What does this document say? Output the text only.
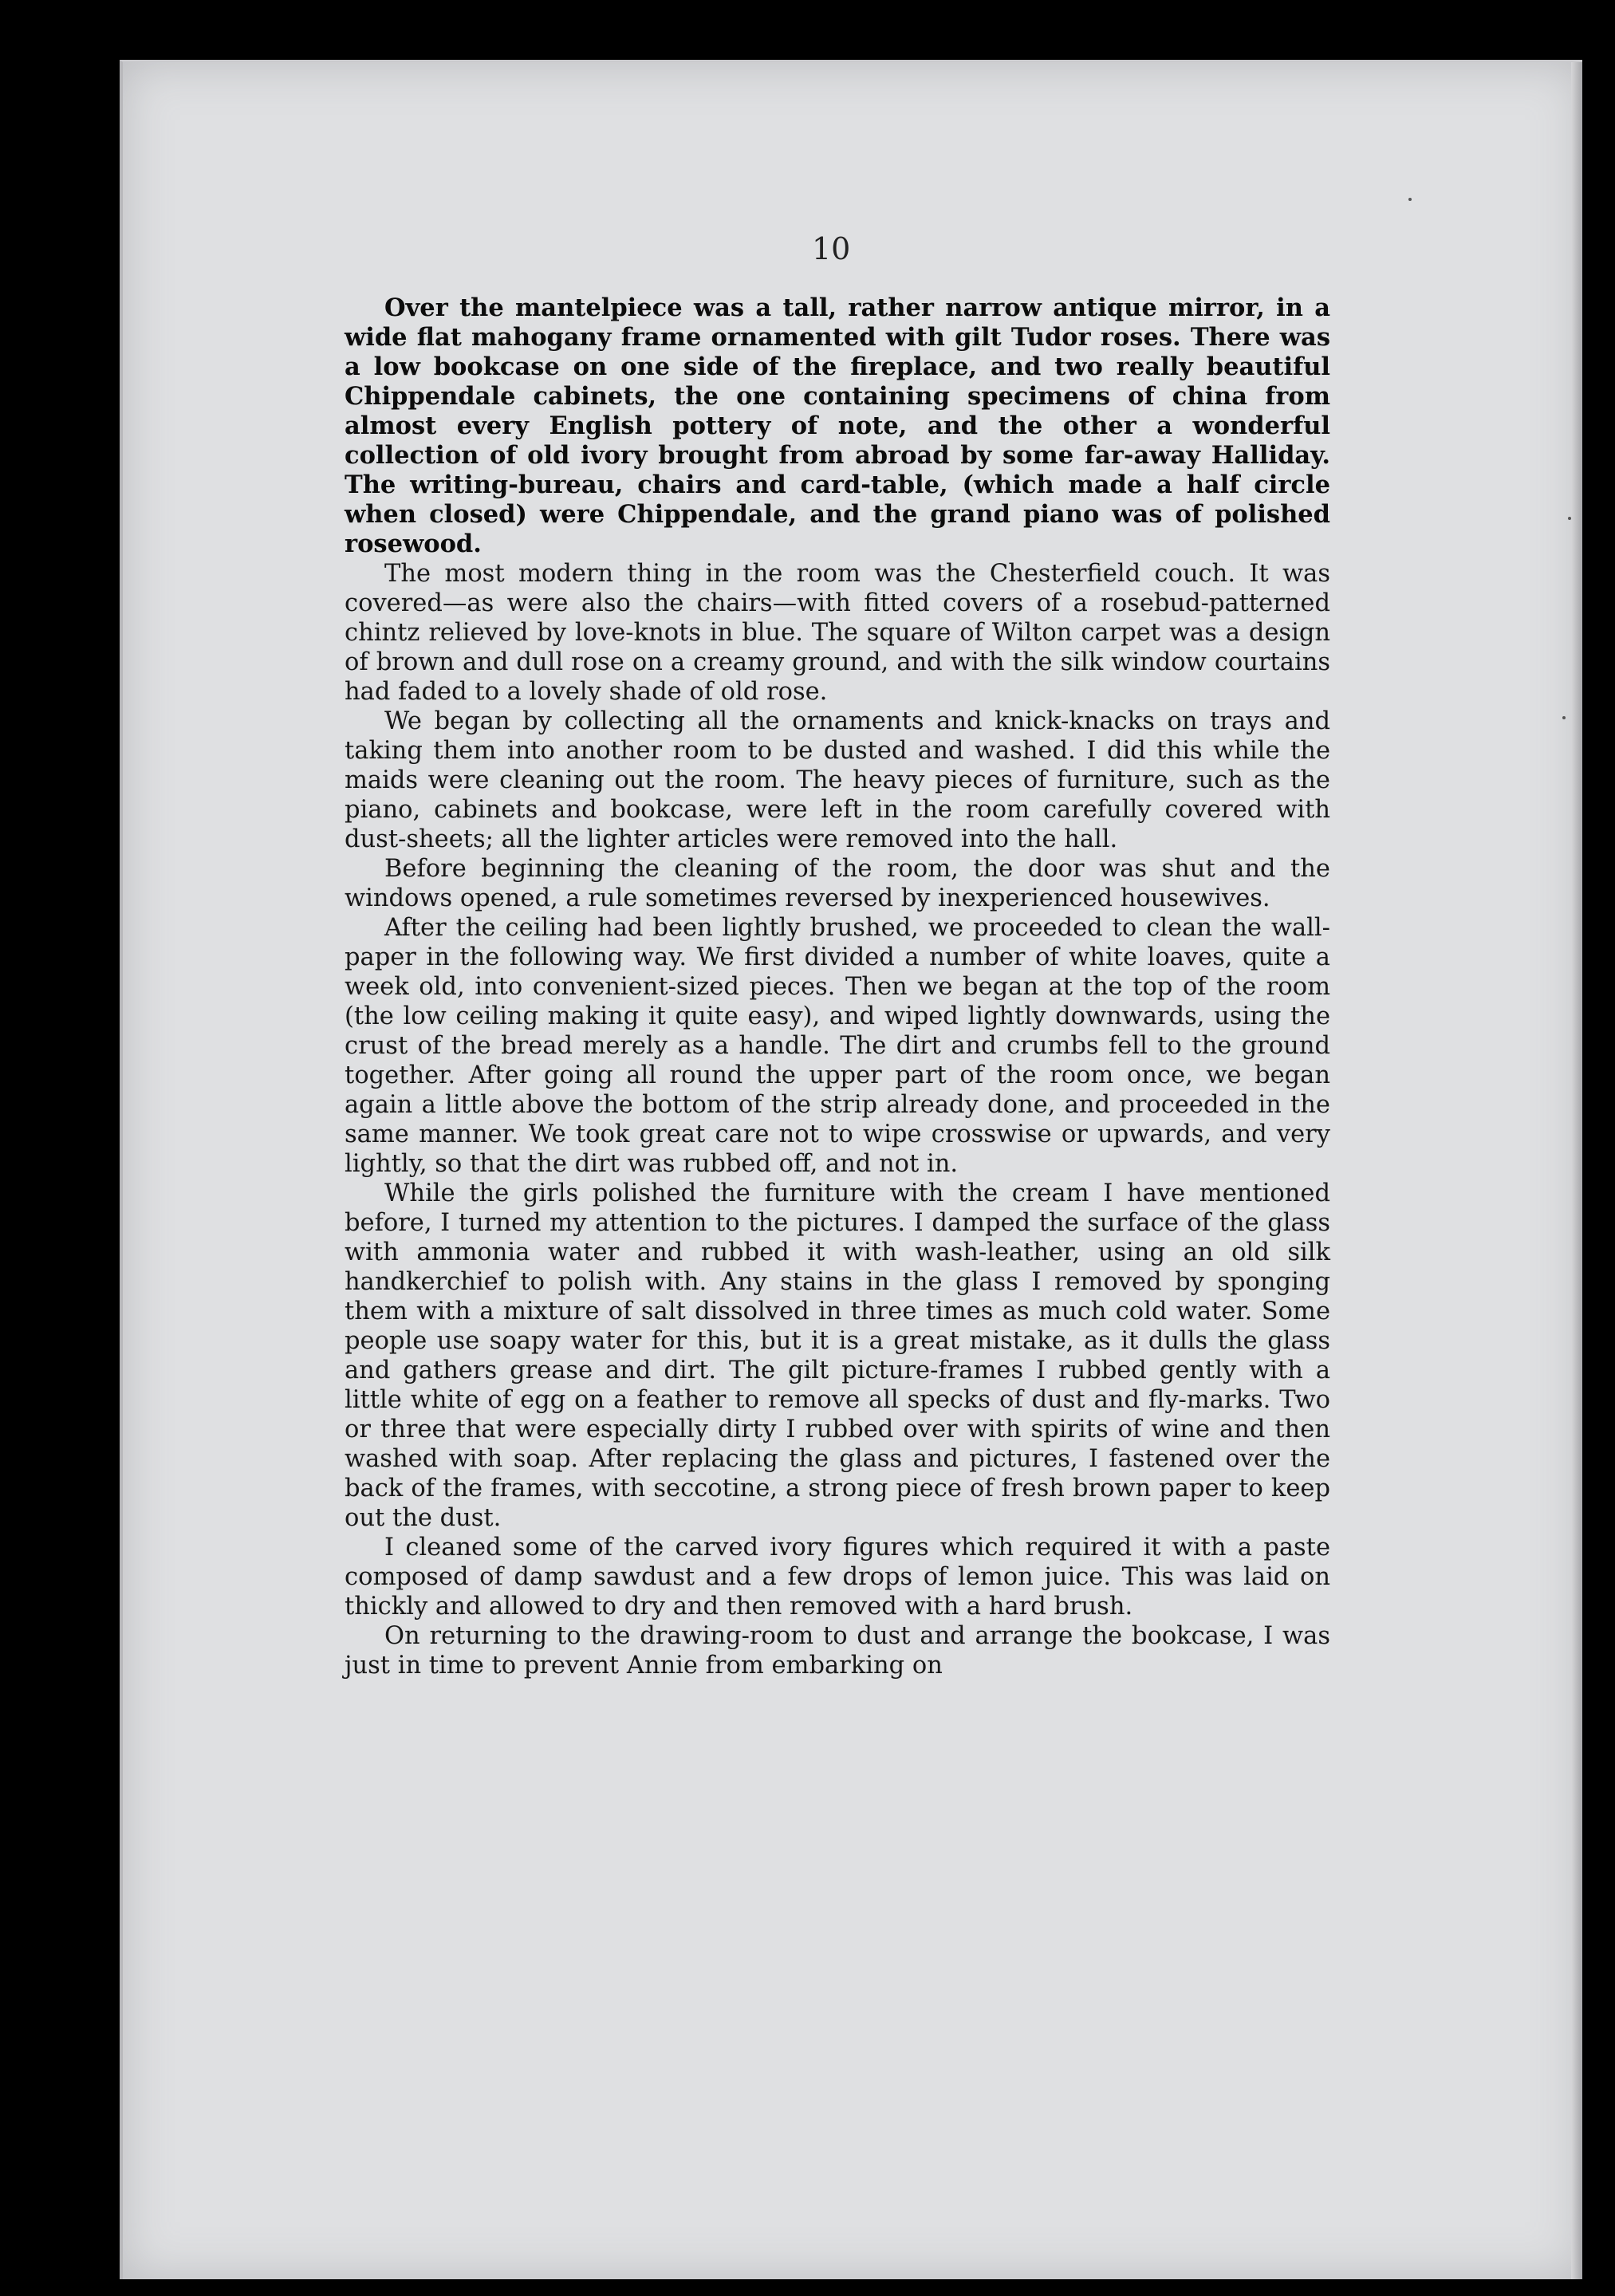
10

Over the mantelpiece was a tall, rather narrow antique mirror, in a wide flat mahogany frame ornamented with gilt Tudor roses. There was a low bookcase on one side of the fireplace, and two really beautiful Chippendale cabinets, the one containing specimens of china from almost every English pottery of note, and the other a wonderful collection of old ivory brought from abroad by some far-away Halliday. The writing-bureau, chairs and card-table, (which made a half circle when closed) were Chippendale, and the grand piano was of polished rosewood.

The most modern thing in the room was the Chesterfield couch. It was covered—as were also the chairs—with fitted covers of a rosebud-patterned chintz relieved by love-knots in blue. The square of Wilton carpet was a design of brown and dull rose on a creamy ground, and with the silk window courtains had faded to a lovely shade of old rose.

We began by collecting all the ornaments and knick-knacks on trays and taking them into another room to be dusted and washed. I did this while the maids were cleaning out the room. The heavy pieces of furniture, such as the piano, cabinets and bookcase, were left in the room carefully covered with dust-sheets; all the lighter articles were removed into the hall.

Before beginning the cleaning of the room, the door was shut and the windows opened, a rule sometimes reversed by inexperienced housewives.

After the ceiling had been lightly brushed, we proceeded to clean the wall-paper in the following way. We first divided a number of white loaves, quite a week old, into convenient-sized pieces. Then we began at the top of the room (the low ceiling making it quite easy), and wiped lightly downwards, using the crust of the bread merely as a handle. The dirt and crumbs fell to the ground together. After going all round the upper part of the room once, we began again a little above the bottom of the strip already done, and proceeded in the same manner. We took great care not to wipe crosswise or upwards, and very lightly, so that the dirt was rubbed off, and not in.

While the girls polished the furniture with the cream I have mentioned before, I turned my attention to the pictures. I damped the surface of the glass with ammonia water and rubbed it with wash-leather, using an old silk handkerchief to polish with. Any stains in the glass I removed by sponging them with a mixture of salt dissolved in three times as much cold water. Some people use soapy water for this, but it is a great mistake, as it dulls the glass and gathers grease and dirt. The gilt picture-frames I rubbed gently with a little white of egg on a feather to remove all specks of dust and fly-marks. Two or three that were especially dirty I rubbed over with spirits of wine and then washed with soap. After replacing the glass and pictures, I fastened over the back of the frames, with seccotine, a strong piece of fresh brown paper to keep out the dust.

I cleaned some of the carved ivory figures which required it with a paste composed of damp sawdust and a few drops of lemon juice. This was laid on thickly and allowed to dry and then removed with a hard brush.

On returning to the drawing-room to dust and arrange the bookcase, I was just in time to prevent Annie from embarking on
